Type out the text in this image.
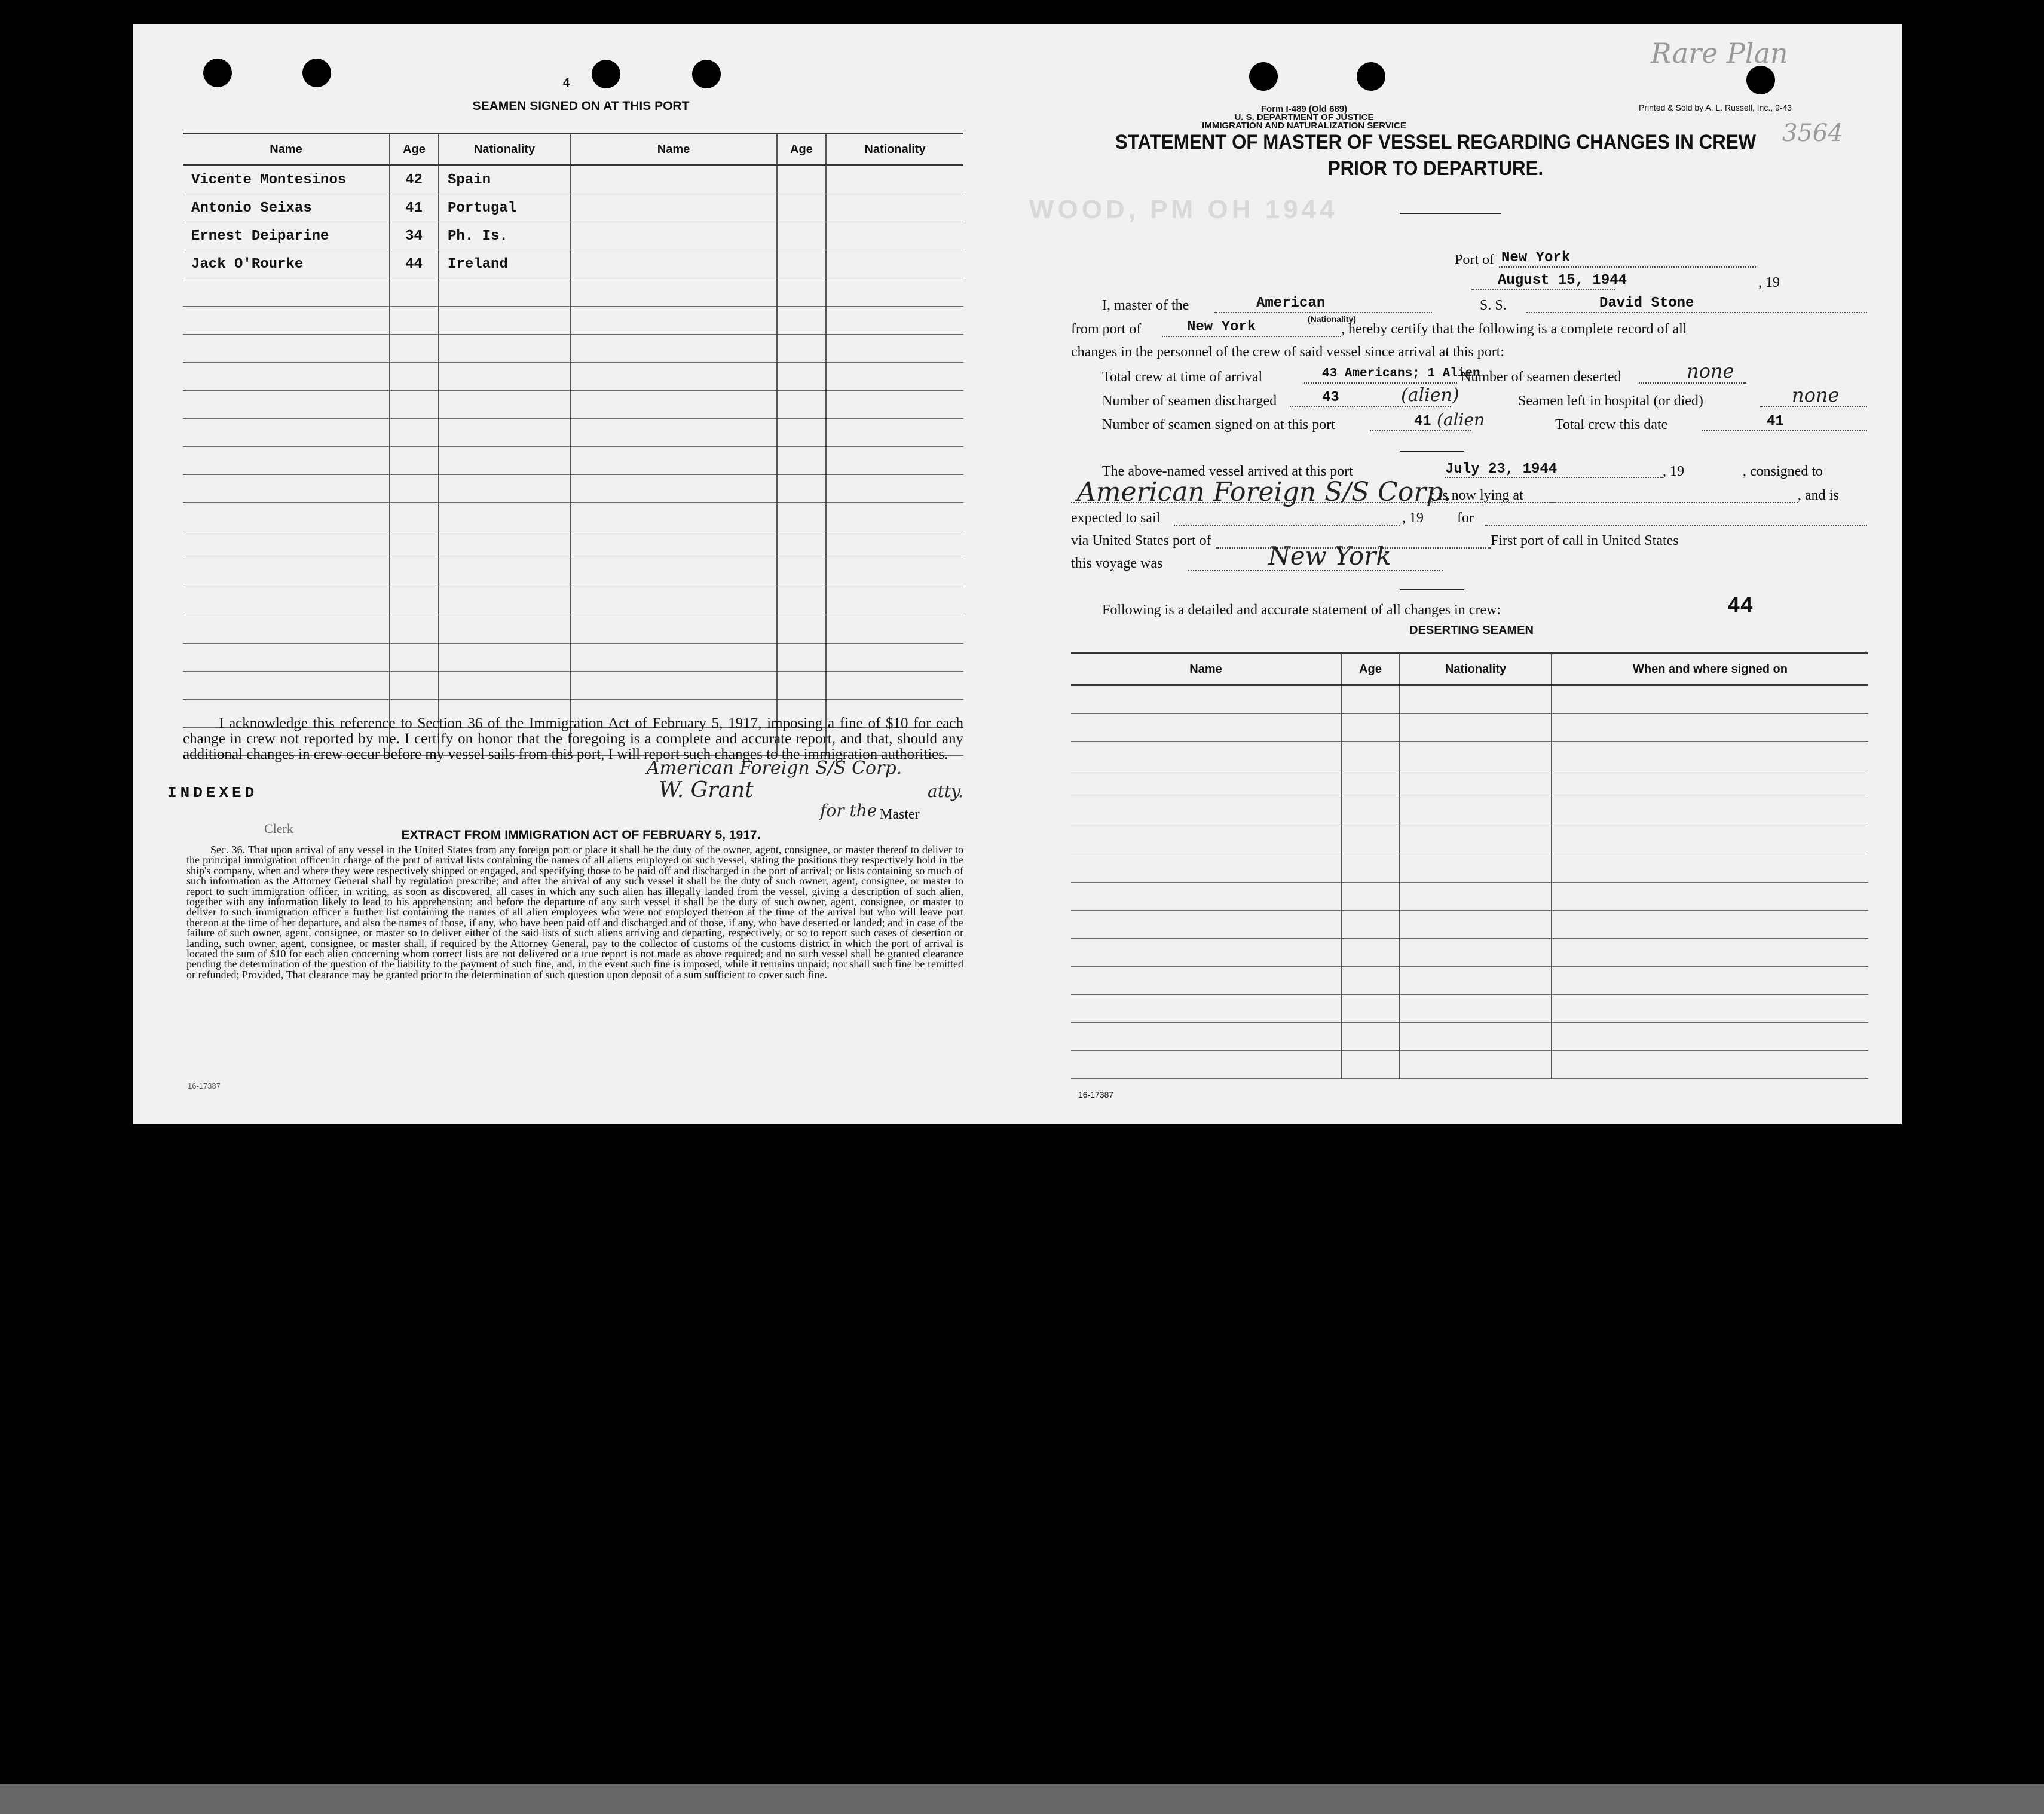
4
SEAMEN SIGNED ON AT THIS PORT
Name	Age	Nationality	Name	Age	Nationality
Vicente Montesinos	42	Spain			
Antonio Seixas	41	Portugal			
Ernest Deiparine	34	Ph. Is.			
Jack O'Rourke	44	Ireland			

I acknowledge this reference to Section 36 of the Immigration Act of February 5, 1917, imposing a fine of $10 for each change in crew not reported by me. I certify on honor that the foregoing is a complete and accurate report, and that, should any additional changes in crew occur before my vessel sails from this port, I will report such changes to the immigration authorities.
American Foreign S/S Corp.
W. Grant	atty.
for the Master
INDEXED
Clerk	EXTRACT FROM IMMIGRATION ACT OF FEBRUARY 5, 1917.
Sec. 36. That upon arrival of any vessel in the United States from any foreign port or place it shall be the duty of the owner, agent, consignee, or master thereof to deliver to the principal immigration officer in charge of the port of arrival lists containing the names of all aliens employed on such vessel, stating the positions they respectively hold in the ship's company, when and where they were respectively shipped or engaged, and specifying those to be paid off and discharged in the port of arrival; or lists containing so much of such information as the Attorney General shall by regulation prescribe; and after the arrival of any such vessel it shall be the duty of such owner, agent, consignee, or master to report to such immigration officer, in writing, as soon as discovered, all cases in which any such alien has illegally landed from the vessel, giving a description of such alien, together with any information likely to lead to his apprehension; and before the departure of any such vessel it shall be the duty of such owner, agent, consignee, or master to deliver to such immigration officer a further list containing the names of all alien employees who were not employed thereon at the time of the arrival but who will leave port thereon at the time of her departure, and also the names of those, if any, who have been paid off and discharged and of those, if any, who have deserted or landed; and in case of the failure of such owner, agent, consignee, or master so to deliver either of the said lists of such aliens arriving and departing, respectively, or so to report such cases of desertion or landing, such owner, agent, consignee, or master shall, if required by the Attorney General, pay to the collector of customs of the customs district in which the port of arrival is located the sum of $10 for each alien concerning whom correct lists are not delivered or a true report is not made as above required; and no such vessel shall be granted clearance pending the determination of the question of the liability to the payment of such fine, and, in the event such fine is imposed, while it remains unpaid; nor shall such fine be remitted or refunded; Provided, That clearance may be granted prior to the determination of such question upon deposit of a sum sufficient to cover such fine.
16-17387
Form I-489 (Old 689)
U. S. DEPARTMENT OF JUSTICE
IMMIGRATION AND NATURALIZATION SERVICE
Printed & Sold by A. L. Russell, Inc., 9-43
Rare Plan
3564
STATEMENT OF MASTER OF VESSEL REGARDING CHANGES IN CREW
PRIOR TO DEPARTURE.
WOOD, PM OH 1944
Port of New York
August 15, 1944	, 19
I, master of the	American
(Nationality)
S. S.	David Stone
from port of	New York	, hereby certify that the following is a complete record of all
changes in the personnel of the crew of said vessel since arrival at this port:
Total crew at time of arrival	43 Americans; 1 Alien
Number of seamen deserted	none
Number of seamen discharged	43	(alien)	Seamen left in hospital (or died)	none
Number of seamen signed on at this port	41 (alien	Total crew this date	41
The above-named vessel arrived at this port	July 23, 1944	, 19	, consigned to
American Foreign S/S Corp.
; is now lying at	, and is
expected to sail	, 19 for
via United States port of	First port of call in United States
this voyage was	New York
Following is a detailed and accurate statement of all changes in crew:	44
DESERTING SEAMEN
Name	Age	Nationality	When and where signed on

16-17387
